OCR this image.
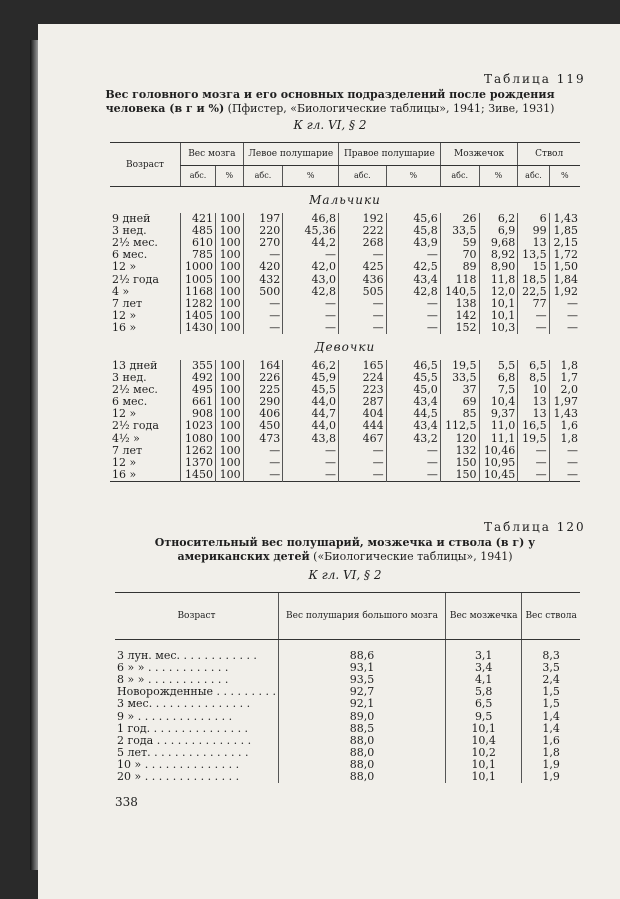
Таблица 119
Вес головного мозга и его основных подразделений после рождения человека (в г и %) (Пфистер, «Биологические таблицы», 1941; Зиве, 1931)
К гл. VI, § 2
Возраст	Вес мозга		Левое полушарие		Правое полушарие		Мозжечок		Ствол	
	абс.	%	абс.	%	абс.	%	абс.	%	абс.	%
Мальчики										
9 дней	421	100	197	46,8	192	45,6	26	6,2	6	1,43
3 нед.	485	100	220	45,36	222	45,8	33,5	6,9	99	1,85
2½ мес.	610	100	270	44,2	268	43,9	59	9,68	13	2,15
6 мес.	785	100	—	—	—	—	70	8,92	13,5	1,72
12 »	1000	100	420	42,0	425	42,5	89	8,90	15	1,50
2½ года	1005	100	432	43,0	436	43,4	118	11,8	18,5	1,84
4 »	1168	100	500	42,8	505	42,8	140,5	12,0	22,5	1,92
7 лет	1282	100	—	—	—	—	138	10,1	77	—
12 »	1405	100	—	—	—	—	142	10,1	—	—
16 »	1430	100	—	—	—	—	152	10,3	—	—
Девочки										
13 дней	355	100	164	46,2	165	46,5	19,5	5,5	6,5	1,8
3 нед.	492	100	226	45,9	224	45,5	33,5	6,8	8,5	1,7
2½ мес.	495	100	225	45,5	223	45,0	37	7,5	10	2,0
6 мес.	661	100	290	44,0	287	43,4	69	10,4	13	1,97
12 »	908	100	406	44,7	404	44,5	85	9,37	13	1,43
2½ года	1023	100	450	44,0	444	43,4	112,5	11,0	16,5	1,6
4½ »	1080	100	473	43,8	467	43,2	120	11,1	19,5	1,8
7 лет	1262	100	—	—	—	—	132	10,46	—	—
12 »	1370	100	—	—	—	—	150	10,95	—	—
16 »	1450	100	—	—	—	—	150	10,45	—	—
Таблица 120
Относительный вес полушарий, мозжечка и ствола (в г) у американских детей («Биологические таблицы», 1941)
К гл. VI, § 2
Возраст	Вес полушария большого мозга	Вес мозжечка	Вес ствола

3 лун. мес. . . . . . . . . . . .	88,6	3,1	8,3
6 » » . . . . . . . . . . . .	93,1	3,4	3,5
8 » » . . . . . . . . . . . .	93,5	4,1	2,4
Новорожденные . . . . . . . . .	92,7	5,8	1,5
3 мес. . . . . . . . . . . . . . .	92,1	6,5	1,5
9 » . . . . . . . . . . . . . .	89,0	9,5	1,4
1 год. . . . . . . . . . . . . . .	88,5	10,1	1,4
2 года . . . . . . . . . . . . . .	88,0	10,4	1,6
5 лет. . . . . . . . . . . . . . .	88,0	10,2	1,8
10 » . . . . . . . . . . . . . .	88,0	10,1	1,9
20 » . . . . . . . . . . . . . .	88,0	10,1	1,9
338
